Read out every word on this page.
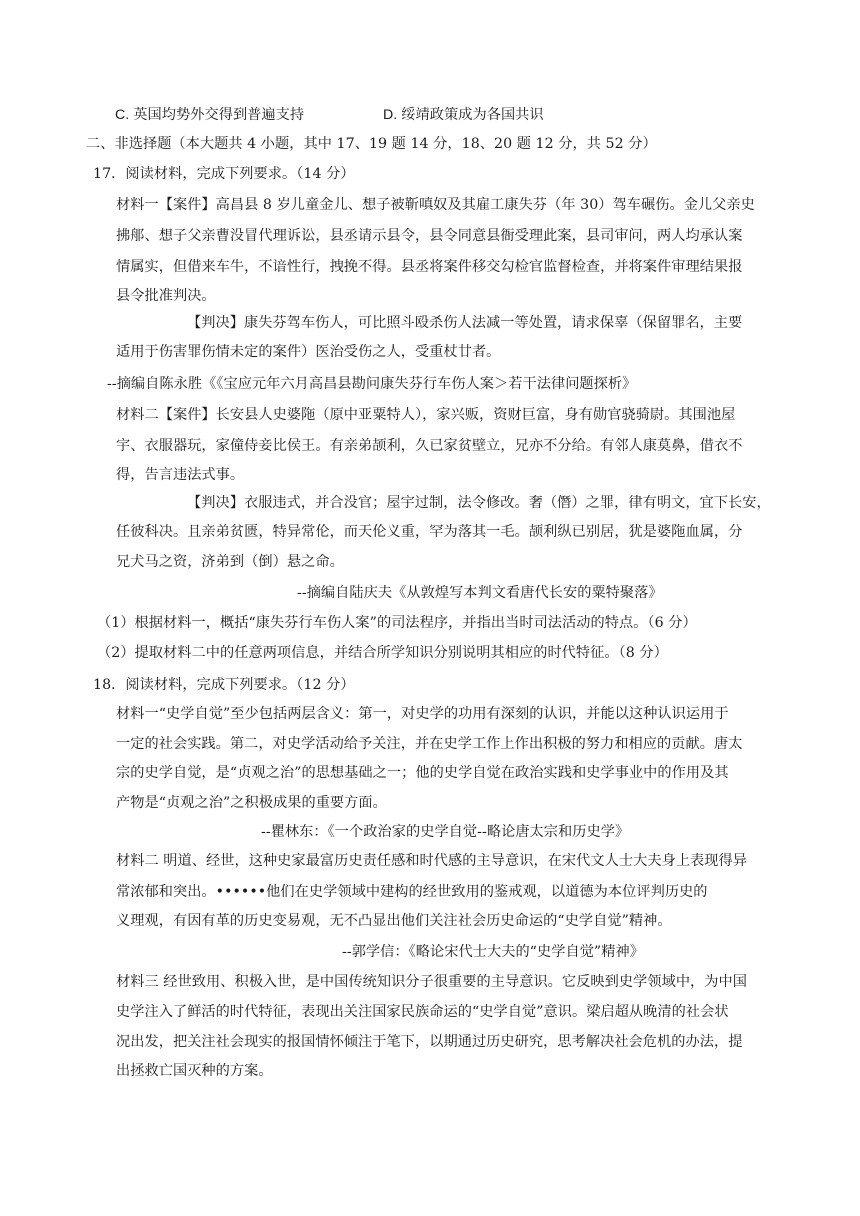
C. 英国均势外交得到普遍支持	D. 绥靖政策成为各国共识
二、非选择题（本大题共 4 小题，其中 17、19 题 14 分，18、20 题 12 分，共 52 分）
17．阅读材料，完成下列要求。（14 分）
材料一【案件】高昌县 8 岁儿童金儿、想子被靳嗔奴及其雇工康失芬（年 30）驾车碾伤。金儿父亲史
拂郍、想子父亲曹没冒代理诉讼，县丞请示县令，县令同意县衙受理此案，县司审问，两人均承认案
情属实，但借来车牛，不谙性行，拽挽不得。县丞将案件移交勾检官监督检查，并将案件审理结果报
县令批准判决。
【判决】康失芬驾车伤人，可比照斗殴杀伤人法减一等处置，请求保辜（保留罪名，主要
适用于伤害罪伤情未定的案件）医治受伤之人，受重杖廿者。
--摘编自陈永胜《《宝应元年六月高昌县勘问康失芬行车伤人案＞若干法律问题探析》
材料二【案件】长安县人史婆陁（原中亚粟特人），家兴贩，资财巨富，身有勋官骁骑尉。其围池屋
宇、衣服器玩，家僮侍妾比侯王。有亲弟颉利，久已家贫壁立，兄亦不分给。有邻人康莫鼻，借衣不
得，告言违法式事。
【判决】衣服违式，并合没官；屋宇过制，法令修改。奢（僭）之罪，律有明文，宜下长安，
任彼科决。且亲弟贫匮，特异常伦，而天伦义重，罕为落其一毛。颉利纵已别居，犹是婆陁血属，分
兄犬马之资，济弟到（倒）悬之命。
--摘编自陆庆夫《从敦煌写本判文看唐代长安的粟特聚落》
（1）根据材料一，概括“康失芬行车伤人案”的司法程序，并指出当时司法活动的特点。（6 分）
（2）提取材料二中的任意两项信息，并结合所学知识分别说明其相应的时代特征。（8 分）
18．阅读材料，完成下列要求。（12 分）
材料一“史学自觉”至少包括两层含义：第一，对史学的功用有深刻的认识，并能以这种认识运用于
一定的社会实践。第二，对史学活动给予关注，并在史学工作上作出积极的努力和相应的贡献。唐太
宗的史学自觉，是“贞观之治”的思想基础之一；他的史学自觉在政治实践和史学事业中的作用及其
产物是“贞观之治”之积极成果的重要方面。
--瞿林东：《一个政治家的史学自觉--略论唐太宗和历史学》
材料二 明道、经世，这种史家最富历史责任感和时代感的主导意识，在宋代文人士大夫身上表现得异
常浓郁和突出。••••••他们在史学领域中建构的经世致用的鉴戒观，以道德为本位评判历史的
义理观，有因有革的历史变易观，无不凸显出他们关注社会历史命运的“史学自觉”精神。
--郭学信：《略论宋代士大夫的“史学自觉”精神》
材料三 经世致用、积极入世，是中国传统知识分子很重要的主导意识。它反映到史学领域中，为中国
史学注入了鲜活的时代特征，表现出关注国家民族命运的“史学自觉”意识。梁启超从晚清的社会状
况出发，把关注社会现实的报国情怀倾注于笔下，以期通过历史研究，思考解决社会危机的办法，提
出拯救亡国灭种的方案。
